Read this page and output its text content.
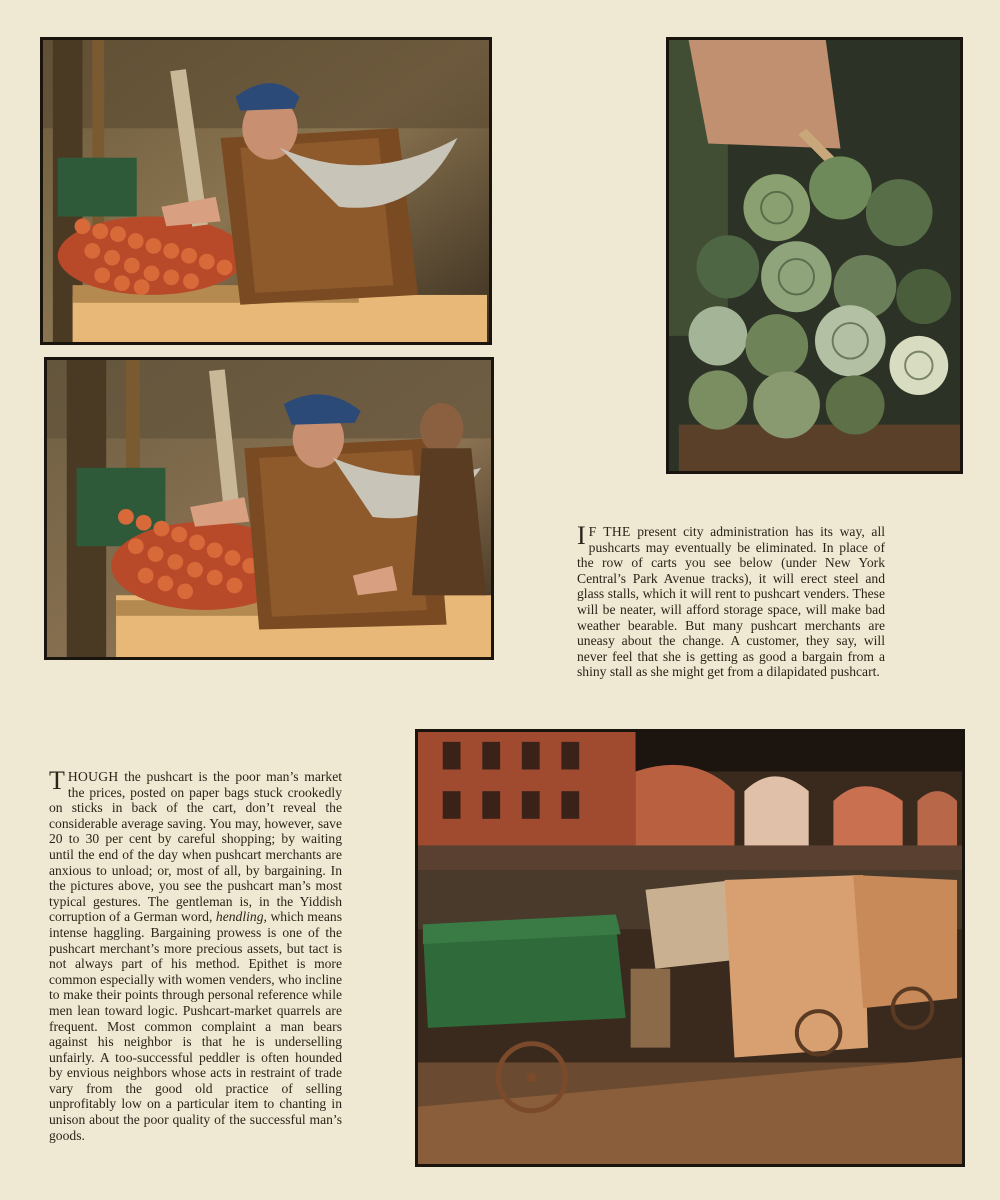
I F THE present city administration has its way, all pushcarts may eventually be eliminated. In place of the row of carts you see below (under New York Central’s Park Avenue tracks), it will erect steel and glass stalls, which it will rent to pushcart venders. These will be neater, will afford storage space, will make bad weather bearable. But many pushcart merchants are uneasy about the change. A customer, they say, will never feel that she is getting as good a bargain from a shiny stall as she might get from a dilapidated pushcart.

THOUGH the pushcart is the poor man’s market the prices, posted on paper bags stuck crookedly on sticks in back of the cart, don’t reveal the considerable average saving. You may, however, save 20 to 30 per cent by careful shopping; by waiting until the end of the day when pushcart merchants are anxious to unload; or, most of all, by bargaining. In the pictures above, you see the pushcart man’s most typical gestures. The gentleman is, in the Yiddish corruption of a German word, hendling, which means intense haggling. Bargaining prowess is one of the pushcart merchant’s more precious assets, but tact is not always part of his method. Epithet is more common especially with women venders, who incline to make their points through personal reference while men lean toward logic. Pushcart-market quarrels are frequent. Most common complaint a man bears against his neighbor is that he is underselling unfairly. A too-successful peddler is often hounded by envious neighbors whose acts in restraint of trade vary from the good old practice of selling unprofitably low on a particular item to chanting in unison about the poor quality of the successful man’s goods.
